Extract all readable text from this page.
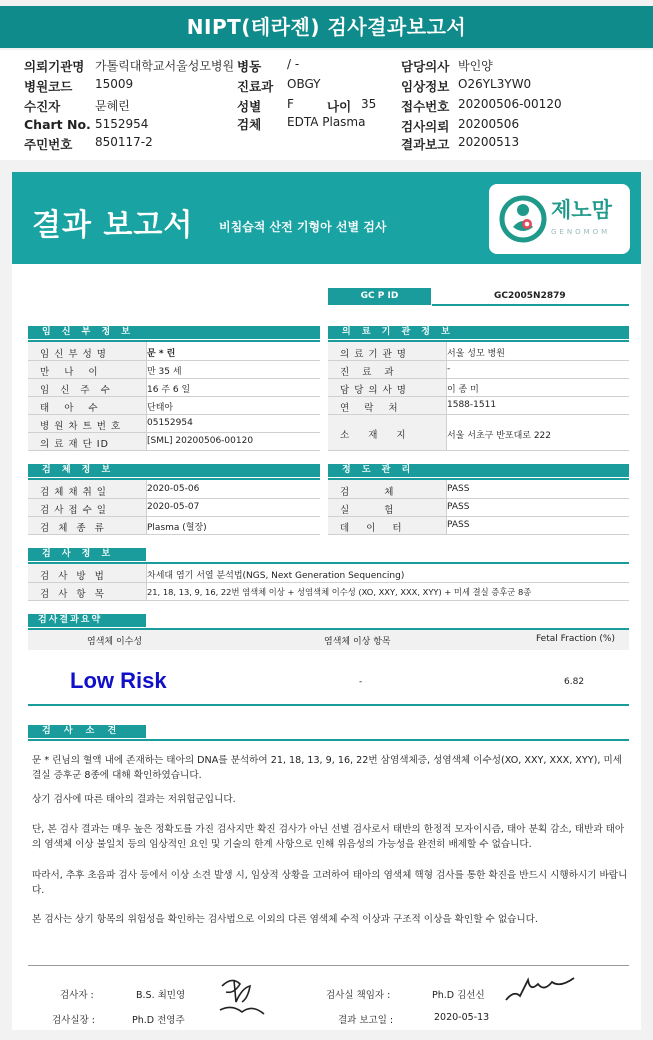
NIPT(테라젠) 검사결과보고서
의뢰기관명 가톨릭대학교서울성모병원 병동 / -	담당의사 박인양
병원코드 15009	진료과 OBGY	임상정보 O26YL3YW0
수진자	문혜린	성별 F	나이 35 접수번호 20200506-00120
Chart No. 5152954	검체 EDTA Plasma	검사의뢰 20200506
주민번호 850117-2	결과보고 20200513
결과 보고서 비침습적 산전 기형아 선별 검사
제노맘
GENOMOM
GC P ID	GC2005N2879
임 신 부 정 보
임 신 부 성 명	문 * 린
만 나 이	만 35 세
임 신 주 수	16 주 6 일
태 아 수	단태아
병 원 차 트 번 호	05152954
의 료 재 단 ID	[SML] 20200506-00120
의 료 기 관 정 보
의 료 기 관 명	서울 성모 병원
진 료 과	-
담 당 의 사 명	이 종 미
연 락 처	1588-1511
소 재 지	서울 서초구 반포대로 222
검 체 정 보
검 체 채 취 일	2020-05-06
검 사 접 수 일	2020-05-07
검 체 종 류	Plasma (혈장)
정 도 관 리
검 체	PASS
실 험	PASS
데 이 터	PASS
검 사 정 보
검 사 방 법	차세대 염기 서열 분석법(NGS, Next Generation Sequencing)
검 사 항 목	21, 18, 13, 9, 16, 22번 염색체 이상 + 성염색체 이수성 (XO, XXY, XXX, XYY) + 미세 결실 증후군 8종
검사결과요약
염색체 이수성	염색체 이상 항목	Fetal Fraction (%)
Low Risk	-	6.82
검 사 소 견

문 * 린님의 혈액 내에 존재하는 태아의 DNA를 분석하여 21, 18, 13, 9, 16, 22번 삼염색체증, 성염색체 이수성(XO, XXY, XXX, XYY), 미세 결실 증후군 8종에 대해 확인하였습니다.

상기 검사에 따른 태아의 결과는 저위험군입니다.

단, 본 검사 결과는 매우 높은 정확도를 가진 검사지만 확진 검사가 아닌 선별 검사로서 태반의 한정적 모자이시즘, 태아 분획 감소, 태반과 태아의 염색체 이상 불일치 등의 임상적인 요인 및 기술의 한계 사항으로 인해 위음성의 가능성을 완전히 배제할 수 없습니다.

따라서, 추후 초음파 검사 등에서 이상 소견 발생 시, 임상적 상황을 고려하여 태아의 염색체 핵형 검사를 통한 확진을 반드시 시행하시기 바랍니다.

본 검사는 상기 항목의 위험성을 확인하는 검사법으로 이외의 다른 염색체 수적 이상과 구조적 이상을 확인할 수 없습니다.

검사자 :	B.S. 최민영	검사실 책임자 :	Ph.D 김선신
검사실장 :	Ph.D 전영주	결과 보고일 :	2020-05-13
